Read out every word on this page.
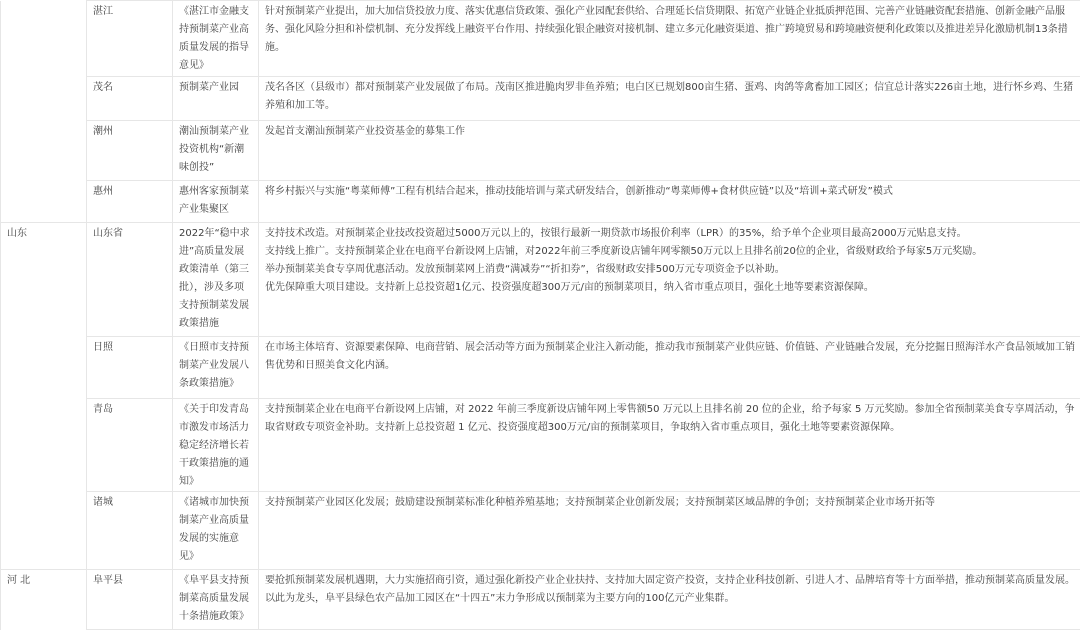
	湛江	《湛江市金融支持预制菜产业高质量发展的指导意见》	针对预制菜产业提出，加大加信贷投放力度、落实优惠信贷政策、强化产业园配套供给、合理延长信贷期限、拓宽产业链企业抵质押范围、完善产业链融资配套措施、创新金融产品服务、强化风险分担和补偿机制、充分发挥线上融资平台作用、持续强化银企融资对接机制、建立多元化融资渠道、推广跨境贸易和跨境融资便利化政策以及推进差异化激励机制13条措施。

	茂名	预制菜产业园	茂名各区（县级市）都对预制菜产业发展做了布局。茂南区推进脆肉罗非鱼养殖；电白区已规划800亩生猪、蛋鸡、肉鸽等禽畜加工园区；信宜总计落实226亩土地，进行怀乡鸡、生猪养殖和加工等。

	潮州	潮汕预制菜产业投资机构“新潮味创投”	发起首支潮汕预制菜产业投资基金的募集工作

	惠州	惠州客家预制菜产业集聚区	将乡村振兴与实施“粤菜师傅”工程有机结合起来，推动技能培训与菜式研发结合，创新推动“粤菜师傅+食材供应链”以及“培训+菜式研发”模式

山东	山东省	2022年“稳中求进”高质量发展政策清单（第三批），涉及多项支持预制菜发展政策措施	支持技术改造。对预制菜企业技改投资超过5000万元以上的，按银行最新一期贷款市场报价利率（LPR）的35%，给予单个企业项目最高2000万元贴息支持。
支持线上推广。支持预制菜企业在电商平台新设网上店铺，对2022年前三季度新设店铺年网零额50万元以上且排名前20位的企业，省级财政给予每家5万元奖励。
举办预制菜美食专享周优惠活动。发放预制菜网上消费“满减券”“折扣券”，省级财政安排500万元专项资金予以补助。
优先保障重大项目建设。支持新上总投资超1亿元、投资强度超300万元/亩的预制菜项目，纳入省市重点项目，强化土地等要素资源保障。

	日照	《日照市支持预制菜产业发展八条政策措施》	在市场主体培育、资源要素保障、电商营销、展会活动等方面为预制菜企业注入新动能，推动我市预制菜产业供应链、价值链、产业链融合发展，充分挖掘日照海洋水产食品领域加工销售优势和日照美食文化内涵。

	青岛	《关于印发青岛市激发市场活力稳定经济增长若干政策措施的通知》	支持预制菜企业在电商平台新设网上店铺，对 2022 年前三季度新设店铺年网上零售额50 万元以上且排名前 20 位的企业，给予每家 5 万元奖励。参加全省预制菜美食专享周活动，争取省财政专项资金补助。支持新上总投资超 1 亿元、投资强度超300万元/亩的预制菜项目，争取纳入省市重点项目，强化土地等要素资源保障。

	诸城	《诸城市加快预制菜产业高质量发展的实施意见》	支持预制菜产业园区化发展；鼓励建设预制菜标准化种植养殖基地；支持预制菜企业创新发展；支持预制菜区域品牌的争创；支持预制菜企业市场开拓等

河 北	阜平县	《阜平县支持预制菜高质量发展十条措施政策》	要抢抓预制菜发展机遇期，大力实施招商引资，通过强化新投产业企业扶持、支持加大固定资产投资，支持企业科技创新、引进人才、品牌培育等十方面举措，推动预制菜高质量发展。以此为龙头，阜平县绿色农产品加工园区在“十四五”末力争形成以预制菜为主要方向的100亿元产业集群。
